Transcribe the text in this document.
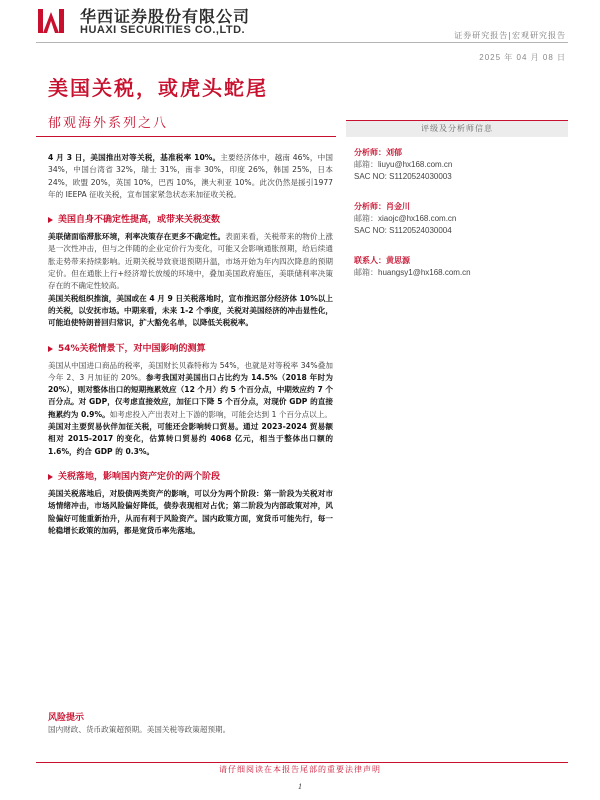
华西证券股份有限公司
HUAXI SECURITIES CO.,LTD.	证券研究报告|宏观研究报告
2025 年 04 月 08 日
美国关税，或虎头蛇尾
郁观海外系列之八	评级及分析师信息
分析师：刘郁
邮箱：liuyu@hx168.com.cn
SAC NO: S1120524030003
分析师：肖金川
邮箱：xiaojc@hx168.com.cn
SAC NO: S1120524030004
联系人：黄思源
邮箱：huangsy1@hx168.com.cn

4 月 3 日，美国推出对等关税，基准税率 10%。主要经济体中，越南 46%，中国 34%，中国台湾省 32%，瑞士 31%，南非 30%，印度 26%，韩国 25%，日本 24%，欧盟 20%，英国 10%，巴西 10%，澳大利亚 10%。此次仍然是援引1977 年的 IEEPA 征收关税，宣布国家紧急状态来加征收关税。

美国自身不确定性提高，或带来关税变数

美联储面临滞胀环境，利率决策存在更多不确定性。表面来看，关税带来的物价上涨是一次性冲击，但与之伴随的企业定价行为变化，可能又会影响通胀预期，给后续通胀走势带来持续影响。近期关税导致衰退预期升温，市场开始为年内四次降息的预期定价。但在通胀上行+经济增长放缓的环境中，叠加美国政府施压，美联储利率决策存在的不确定性较高。

美国关税组织推演，美国或在 4 月 9 日关税落地时，宣布推迟部分经济体 10%以上的关税，以安抚市场。中期来看，未来 1-2 个季度，关税对美国经济的冲击显性化，可能迫使特朗普回归常识，扩大豁免名单，以降低关税税率。

54%关税情景下，对中国影响的测算

美国从中国进口商品的税率，美国财长贝森特称为 54%，也就是对等税率 34%叠加今年 2、3 月加征的 20%。参考我国对美国出口占比约为 14.5%（2018 年时为 20%），则对整体出口的短期拖累效应（12 个月）约 5 个百分点，中期效应约 7 个百分点。对 GDP，仅考虑直接效应，加征口下降 5 个百分点，对现价 GDP 的直接拖累约为 0.9%。如考虑投入产出表对上下游的影响，可能会达到 1 个百分点以上。

美国对主要贸易伙伴加征关税，可能还会影响转口贸易。通过 2023-2024 贸易额相对 2015-2017 的变化，估算转口贸易约 4068 亿元，相当于整体出口额的 1.6%，约合 GDP 的 0.3%。

关税落地，影响国内资产定价的两个阶段

美国关税落地后，对股债两类资产的影响，可以分为两个阶段：第一阶段为关税对市场情绪冲击，市场风险偏好降低，债券表现相对占优；第二阶段为内部政策对冲，风险偏好可能重新抬升，从而有利于风险资产。国内政策方面，宽货币可能先行，每一轮稳增长政策的加码，都是宽货币率先落地。

风险提示
国内财政、货币政策超预期。美国关税等政策超预期。
请仔细阅读在本报告尾部的重要法律声明
1
